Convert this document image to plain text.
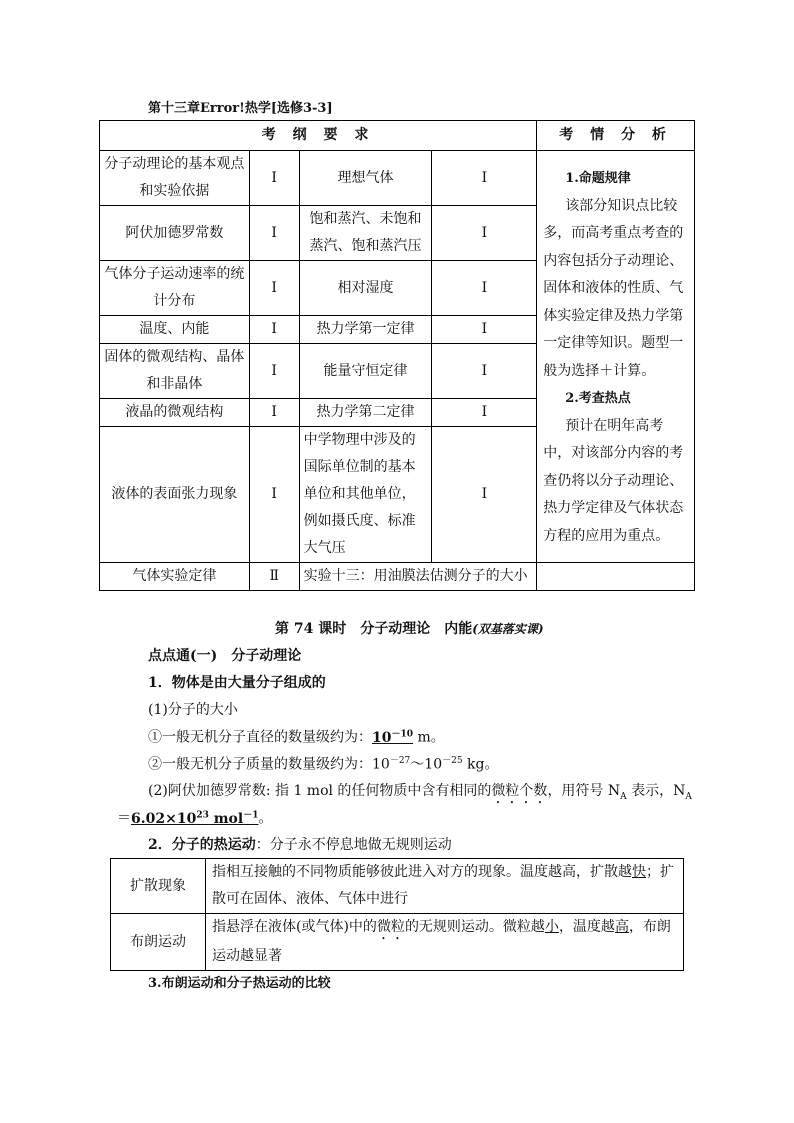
第十三章Error!热学[选修3-3]
考 纲 要 求				考 情 分 析
分子动理论的基本观点和实验依据	Ⅰ	理想气体	Ⅰ	1.命题规律
该部分知识点比较多，而高考重点考查的内容包括分子动理论、固体和液体的性质、气体实验定律及热力学第一定律等知识。题型一般为选择＋计算。
2.考查热点
预计在明年高考中，对该部分内容的考查仍将以分子动理论、热力学定律及气体状态方程的应用为重点。

阿伏加德罗常数	Ⅰ	饱和蒸汽、未饱和蒸汽、饱和蒸汽压	Ⅰ	
气体分子运动速率的统计分布	Ⅰ	相对湿度	Ⅰ	
温度、内能	Ⅰ	热力学第一定律	Ⅰ	
固体的微观结构、晶体和非晶体	Ⅰ	能量守恒定律	Ⅰ	
液晶的微观结构	Ⅰ	热力学第二定律	Ⅰ	
液体的表面张力现象	Ⅰ	中学物理中涉及的国际单位制的基本单位和其他单位，例如摄氏度、标准大气压	Ⅰ	
气体实验定律	Ⅱ	实验十三：用油膜法估测分子的大小		
第 74 课时　分子动理论　内能(双基落实课)
点点通(一)　分子动理论
1．物体是由大量分子组成的
(1)分子的大小
①一般无机分子直径的数量级约为：$10^{-10}$ m。
②一般无机分子质量的数量级约为：$10^{-27}\sim 10^{-25}$ kg。
(2)阿伏加德罗常数: 指 1 mol 的任何物质中含有相同的微粒个数，用符号 $N_A$ 表示，$N_A$
$=6.02\times 10^{23}$ mol$^{-1}$。
2．分子的热运动：分子永不停息地做无规则运动
扩散现象	指相互接触的不同物质能够彼此进入对方的现象。温度越高，扩散越快；扩散可在固体、液体、气体中进行
布朗运动	指悬浮在液体(或气体)中的微粒的无规则运动。微粒越小，温度越高，布朗运动越显著
3.布朗运动和分子热运动的比较
